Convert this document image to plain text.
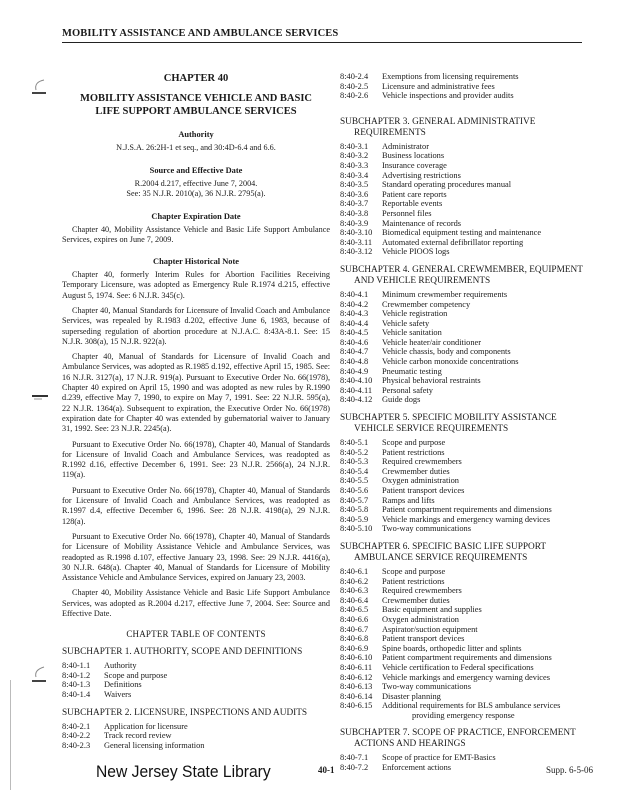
MOBILITY ASSISTANCE AND AMBULANCE SERVICES
CHAPTER 40
MOBILITY ASSISTANCE VEHICLE AND BASIC
LIFE SUPPORT AMBULANCE SERVICES
Authority

N.J.S.A. 26:2H-1 et seq., and 30:4D-6.4 and 6.6.

Source and Effective Date

R.2004 d.217, effective June 7, 2004.

See: 35 N.J.R. 2010(a), 36 N.J.R. 2795(a).

Chapter Expiration Date

Chapter 40, Mobility Assistance Vehicle and Basic Life Support Ambulance Services, expires on June 7, 2009.

Chapter Historical Note

Chapter 40, formerly Interim Rules for Abortion Facilities Receiving Temporary Licensure, was adopted as Emergency Rule R.1974 d.215, effective August 5, 1974. See: 6 N.J.R. 345(c).

Chapter 40, Manual Standards for Licensure of Invalid Coach and Ambulance Services, was repealed by R.1983 d.202, effective June 6, 1983, because of superseding regulation of abortion procedure at N.J.A.C. 8:43A-8.1. See: 15 N.J.R. 308(a), 15 N.J.R. 922(a).

Chapter 40, Manual of Standards for Licensure of Invalid Coach and Ambulance Services, was adopted as R.1985 d.192, effective April 15, 1985. See: 16 N.J.R. 3127(a), 17 N.J.R. 919(a). Pursuant to Executive Order No. 66(1978), Chapter 40 expired on April 15, 1990 and was adopted as new rules by R.1990 d.239, effective May 7, 1990, to expire on May 7, 1991. See: 22 N.J.R. 595(a), 22 N.J.R. 1364(a). Subsequent to expiration, the Executive Order No. 66(1978) expiration date for Chapter 40 was extended by gubernatorial waiver to January 31, 1992. See: 23 N.J.R. 2245(a).

Pursuant to Executive Order No. 66(1978), Chapter 40, Manual of Standards for Licensure of Invalid Coach and Ambulance Services, was readopted as R.1992 d.16, effective December 6, 1991. See: 23 N.J.R. 2566(a), 24 N.J.R. 119(a).

Pursuant to Executive Order No. 66(1978), Chapter 40, Manual of Standards for Licensure of Invalid Coach and Ambulance Services, was readopted as R.1997 d.4, effective December 6, 1996. See: 28 N.J.R. 4198(a), 29 N.J.R. 128(a).

Pursuant to Executive Order No. 66(1978), Chapter 40, Manual of Standards for Licensure of Mobility Assistance Vehicle and Ambulance Services, was readopted as R.1998 d.107, effective January 23, 1998. See: 29 N.J.R. 4416(a), 30 N.J.R. 648(a). Chapter 40, Manual of Standards for Licensure of Mobility Assistance Vehicle and Ambulance Services, expired on January 23, 2003.

Chapter 40, Mobility Assistance Vehicle and Basic Life Support Ambulance Services, was adopted as R.2004 d.217, effective June 7, 2004. See: Source and Effective Date.

CHAPTER TABLE OF CONTENTS
SUBCHAPTER 1. AUTHORITY, SCOPE AND DEFINITIONS
8:40-1.1	Authority
8:40-1.2	Scope and purpose
8:40-1.3	Definitions
8:40-1.4	Waivers
SUBCHAPTER 2. LICENSURE, INSPECTIONS AND AUDITS
8:40-2.1	Application for licensure
8:40-2.2	Track record review
8:40-2.3	General licensing information
8:40-2.4	Exemptions from licensing requirements
8:40-2.5	Licensure and administrative fees
8:40-2.6	Vehicle inspections and provider audits
SUBCHAPTER 3. GENERAL ADMINISTRATIVE REQUIREMENTS
8:40-3.1	Administrator
8:40-3.2	Business locations
8:40-3.3	Insurance coverage
8:40-3.4	Advertising restrictions
8:40-3.5	Standard operating procedures manual
8:40-3.6	Patient care reports
8:40-3.7	Reportable events
8:40-3.8	Personnel files
8:40-3.9	Maintenance of records
8:40-3.10	Biomedical equipment testing and maintenance
8:40-3.11	Automated external defibrillator reporting
8:40-3.12	Vehicle PIOOS logs
SUBCHAPTER 4. GENERAL CREWMEMBER, EQUIPMENT AND VEHICLE REQUIREMENTS
8:40-4.1	Minimum crewmember requirements
8:40-4.2	Crewmember competency
8:40-4.3	Vehicle registration
8:40-4.4	Vehicle safety
8:40-4.5	Vehicle sanitation
8:40-4.6	Vehicle heater/air conditioner
8:40-4.7	Vehicle chassis, body and components
8:40-4.8	Vehicle carbon monoxide concentrations
8:40-4.9	Pneumatic testing
8:40-4.10	Physical behavioral restraints
8:40-4.11	Personal safety
8:40-4.12	Guide dogs
SUBCHAPTER 5. SPECIFIC MOBILITY ASSISTANCE VEHICLE SERVICE REQUIREMENTS
8:40-5.1	Scope and purpose
8:40-5.2	Patient restrictions
8:40-5.3	Required crewmembers
8:40-5.4	Crewmember duties
8:40-5.5	Oxygen administration
8:40-5.6	Patient transport devices
8:40-5.7	Ramps and lifts
8:40-5.8	Patient compartment requirements and dimensions
8:40-5.9	Vehicle markings and emergency warning devices
8:40-5.10	Two-way communications
SUBCHAPTER 6. SPECIFIC BASIC LIFE SUPPORT AMBULANCE SERVICE REQUIREMENTS
8:40-6.1	Scope and purpose
8:40-6.2	Patient restrictions
8:40-6.3	Required crewmembers
8:40-6.4	Crewmember duties
8:40-6.5	Basic equipment and supplies
8:40-6.6	Oxygen administration
8:40-6.7	Aspirator/suction equipment
8:40-6.8	Patient transport devices
8:40-6.9	Spine boards, orthopedic litter and splints
8:40-6.10	Patient compartment requirements and dimensions
8:40-6.11	Vehicle certification to Federal specifications
8:40-6.12	Vehicle markings and emergency warning devices
8:40-6.13	Two-way communications
8:40-6.14	Disaster planning
8:40-6.15	Additional requirements for BLS ambulance services
providing emergency response
SUBCHAPTER 7. SCOPE OF PRACTICE, ENFORCEMENT ACTIONS AND HEARINGS
8:40-7.1	Scope of practice for EMT-Basics
8:40-7.2	Enforcement actions
New Jersey State Library	40-1	Supp. 6-5-06
